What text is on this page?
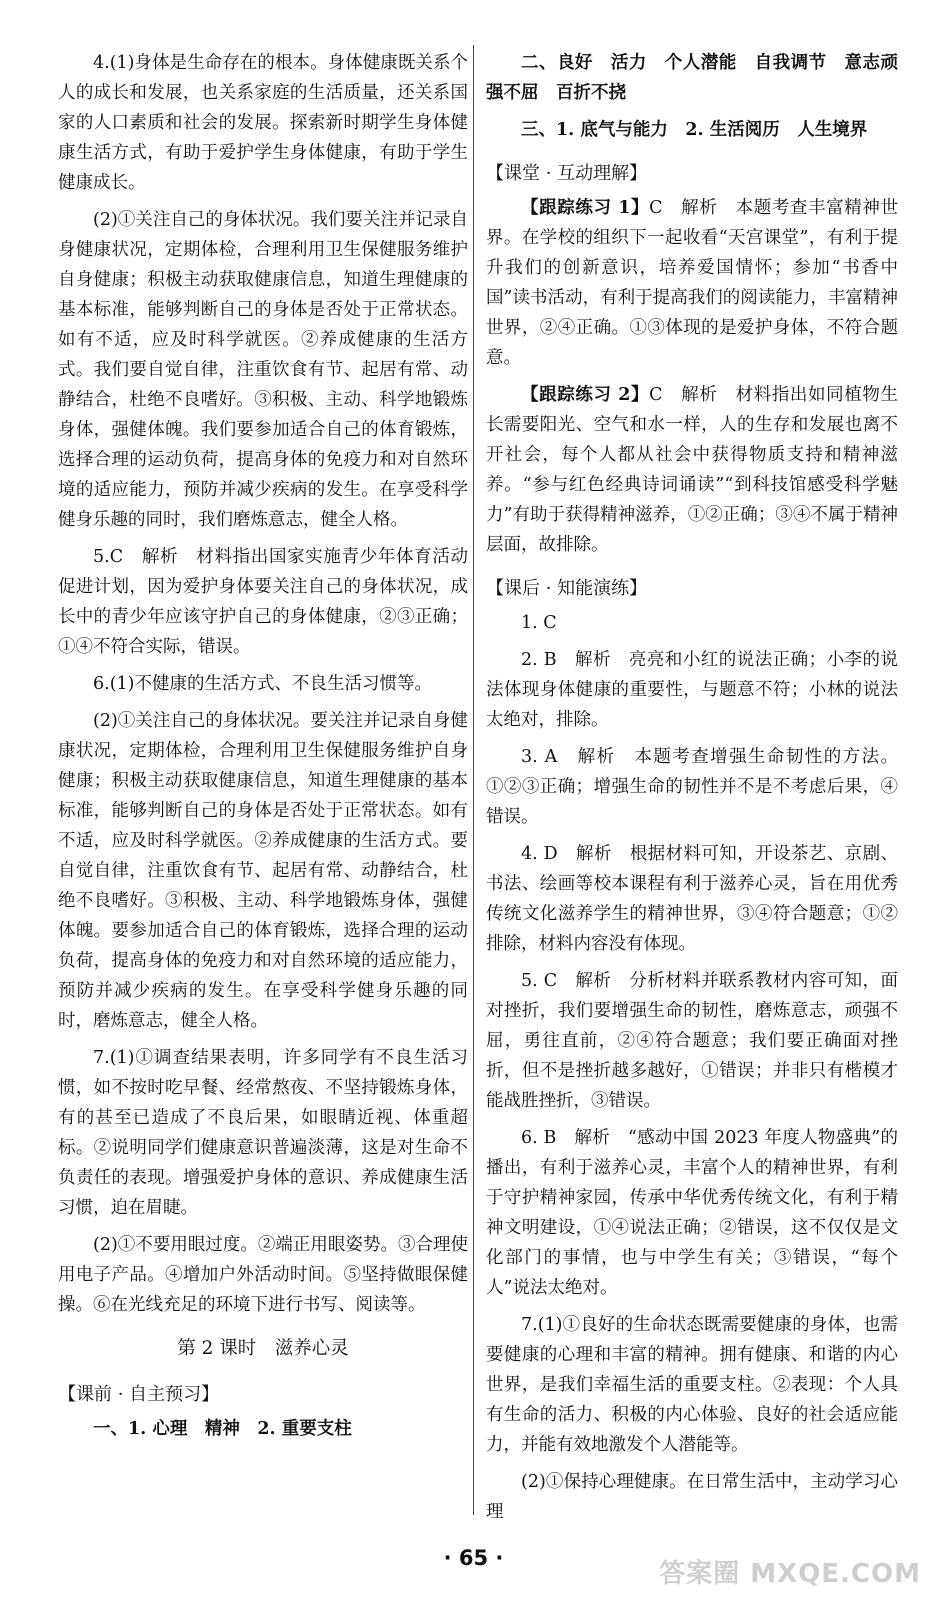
4.(1)身体是生命存在的根本。身体健康既关系个人的成长和发展，也关系家庭的生活质量，还关系国家的人口素质和社会的发展。探索新时期学生身体健康生活方式，有助于爱护学生身体健康，有助于学生健康成长。

(2)①关注自己的身体状况。我们要关注并记录自身健康状况，定期体检，合理利用卫生保健服务维护自身健康；积极主动获取健康信息，知道生理健康的基本标准，能够判断自己的身体是否处于正常状态。如有不适，应及时科学就医。②养成健康的生活方式。我们要自觉自律，注重饮食有节、起居有常、动静结合，杜绝不良嗜好。③积极、主动、科学地锻炼身体，强健体魄。我们要参加适合自己的体育锻炼，选择合理的运动负荷，提高身体的免疫力和对自然环境的适应能力，预防并减少疾病的发生。在享受科学健身乐趣的同时，我们磨炼意志，健全人格。

5.C　解析　材料指出国家实施青少年体育活动促进计划，因为爱护身体要关注自己的身体状况，成长中的青少年应该守护自己的身体健康，②③正确；①④不符合实际，错误。

6.(1)不健康的生活方式、不良生活习惯等。

(2)①关注自己的身体状况。要关注并记录自身健康状况，定期体检，合理利用卫生保健服务维护自身健康；积极主动获取健康信息，知道生理健康的基本标准，能够判断自己的身体是否处于正常状态。如有不适，应及时科学就医。②养成健康的生活方式。要自觉自律，注重饮食有节、起居有常、动静结合，杜绝不良嗜好。③积极、主动、科学地锻炼身体，强健体魄。要参加适合自己的体育锻炼，选择合理的运动负荷，提高身体的免疫力和对自然环境的适应能力，预防并减少疾病的发生。在享受科学健身乐趣的同时，磨炼意志，健全人格。

7.(1)①调查结果表明，许多同学有不良生活习惯，如不按时吃早餐、经常熬夜、不坚持锻炼身体，有的甚至已造成了不良后果，如眼睛近视、体重超标。②说明同学们健康意识普遍淡薄，这是对生命不负责任的表现。增强爱护身体的意识、养成健康生活习惯，迫在眉睫。

(2)①不要用眼过度。②端正用眼姿势。③合理使用电子产品。④增加户外活动时间。⑤坚持做眼保健操。⑥在光线充足的环境下进行书写、阅读等。

第 2 课时　滋养心灵
【课前 · 自主预习】

一、1. 心理　精神　2. 重要支柱

二、良好　活力　个人潜能　自我调节　意志顽强不屈　百折不挠

三、1. 底气与能力　2. 生活阅历　人生境界

【课堂 · 互动理解】

【跟踪练习 1】C　解析　本题考查丰富精神世界。在学校的组织下一起收看“天宫课堂”，有利于提升我们的创新意识，培养爱国情怀；参加“书香中国”读书活动，有利于提高我们的阅读能力，丰富精神世界，②④正确。①③体现的是爱护身体，不符合题意。

【跟踪练习 2】C　解析　材料指出如同植物生长需要阳光、空气和水一样，人的生存和发展也离不开社会，每个人都从社会中获得物质支持和精神滋养。“参与红色经典诗词诵读”“到科技馆感受科学魅力”有助于获得精神滋养，①②正确；③④不属于精神层面，故排除。

【课后 · 知能演练】

1. C

2. B　解析　亮亮和小红的说法正确；小李的说法体现身体健康的重要性，与题意不符；小林的说法太绝对，排除。

3. A　解析　本题考查增强生命韧性的方法。①②③正确；增强生命的韧性并不是不考虑后果，④错误。

4. D　解析　根据材料可知，开设茶艺、京剧、书法、绘画等校本课程有利于滋养心灵，旨在用优秀传统文化滋养学生的精神世界，③④符合题意；①②排除，材料内容没有体现。

5. C　解析　分析材料并联系教材内容可知，面对挫折，我们要增强生命的韧性，磨炼意志，顽强不屈，勇往直前，②④符合题意；我们要正确面对挫折，但不是挫折越多越好，①错误；并非只有楷模才能战胜挫折，③错误。

6. B　解析　“感动中国 2023 年度人物盛典”的播出，有利于滋养心灵，丰富个人的精神世界，有利于守护精神家园，传承中华优秀传统文化，有利于精神文明建设，①④说法正确；②错误，这不仅仅是文化部门的事情，也与中学生有关；③错误，“每个人”说法太绝对。

7.(1)①良好的生命状态既需要健康的身体，也需要健康的心理和丰富的精神。拥有健康、和谐的内心世界，是我们幸福生活的重要支柱。②表现：个人具有生命的活力、积极的内心体验、良好的社会适应能力，并能有效地激发个人潜能等。

(2)①保持心理健康。在日常生活中，主动学习心理

· 65 ·
答案圈 MXQE.COM
